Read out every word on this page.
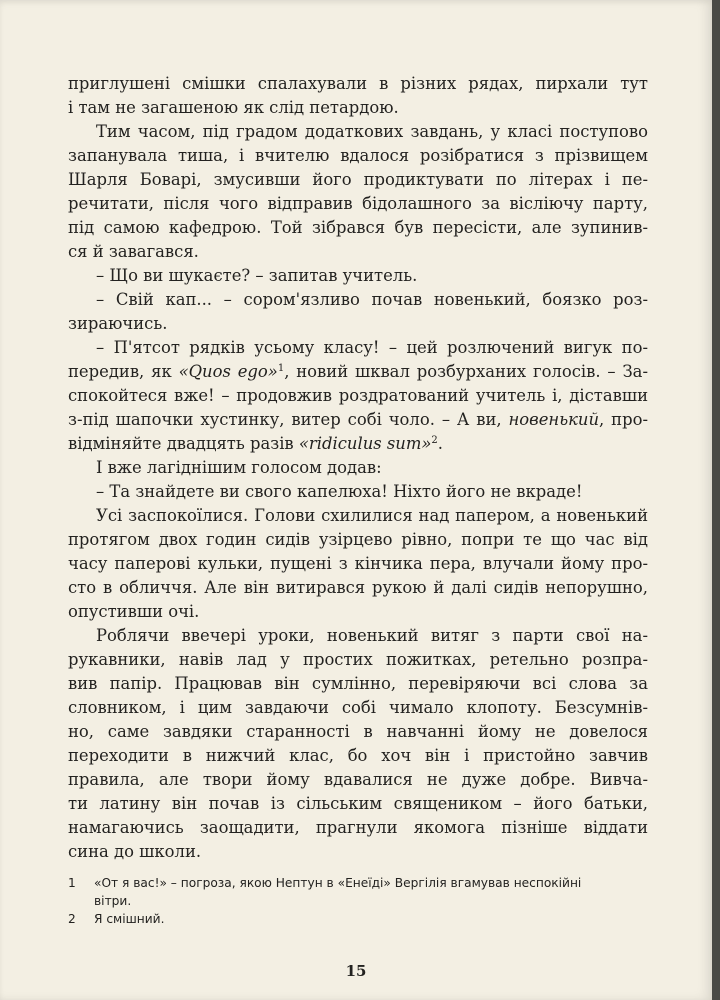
приглушені смішки спалахували в різних рядах, пирхали тут
і там не загашеною як слід петардою.

Тим часом, під градом додаткових завдань, у класі поступово
запанувала тиша, і вчителю вдалося розібратися з прізвищем
Шарля Боварі, змусивши його продиктувати по літерах і пе-
речитати, після чого відправив бідолашного за вісліючу парту,
під самою кафедрою. Той зібрався був пересісти, але зупинив-
ся й завагався.

– Що ви шукаєте? – запитав учитель.

– Свій кап... – сором'язливо почав новенький, боязко роз-
зираючись.

– П'ятсот рядків усьому класу! – цей розлючений вигук по-
передив, як «Quos ego»$^1$, новий шквал розбурханих голосів. – За-
спокойтеся вже! – продовжив роздратований учитель і, діставши
з-під шапочки хустинку, витер собі чоло. – А ви, новенький, про-
відміняйте двадцять разів «ridiculus sum»$^2$.

І вже лагіднішим голосом додав:

– Та знайдете ви свого капелюха! Ніхто його не вкраде!

Усі заспокоїлися. Голови схилилися над папером, а новенький
протягом двох годин сидів узірцево рівно, попри те що час від
часу паперові кульки, пущені з кінчика пера, влучали йому про-
сто в обличчя. Але він витирався рукою й далі сидів непорушно,
опустивши очі.

Роблячи ввечері уроки, новенький витяг з парти свої на-
рукавники, навів лад у простих пожитках, ретельно розпра-
вив папір. Працював він сумлінно, перевіряючи всі слова за
словником, і цим завдаючи собі чимало клопоту. Безсумнів-
но, саме завдяки старанності в навчанні йому не довелося
переходити в нижчий клас, бо хоч він і пристойно завчив
правила, але твори йому вдавалися не дуже добре. Вивча-
ти латину він почав із сільським священиком – його батьки,
намагаючись заощадити, прагнули якомога пізніше віддати
сина до школи.

1	«От я вас!» – погроза, якою Нептун в «Енеїді» Вергілія вгамував неспокійні
вітри.
2	Я смішний.
15
